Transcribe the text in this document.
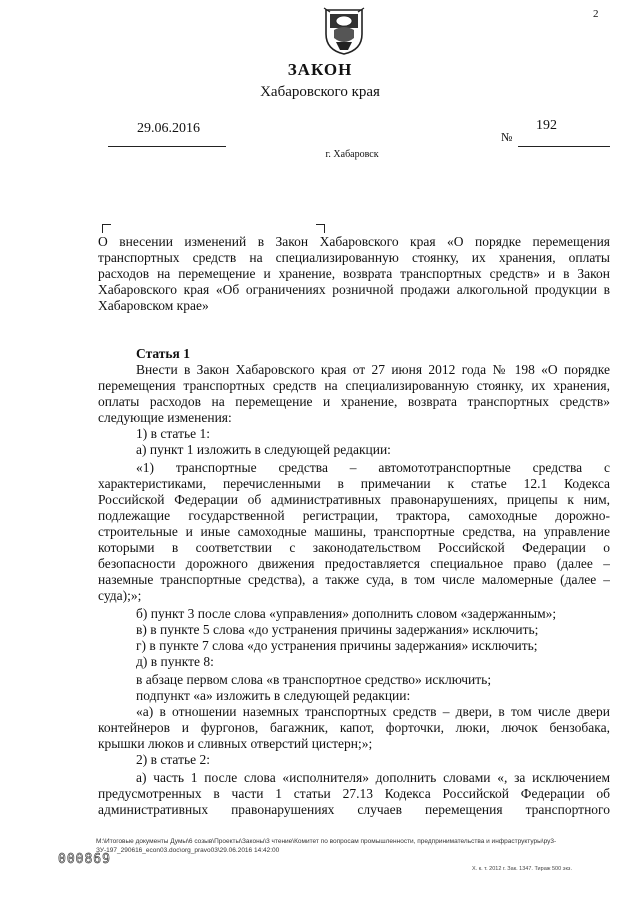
2
ЗАКОН
Хабаровского края
29.06.2016	192
№
г. Хабаровск
О внесении изменений в Закон Хабаровского края «О порядке перемещения
транспортных средств на специализированную стоянку, их хранения, оплаты
расходов на перемещение и хранение, возврата транспортных средств» и в Закон
Хабаровского края «Об ограничениях розничной продажи алкогольной продукции в
Хабаровском крае»
Статья 1
Внести в Закон Хабаровского края от 27 июня 2012 года № 198 «О порядке
перемещения транспортных средств на специализированную стоянку, их хранения,
оплаты расходов на перемещение и хранение, возврата транспортных средств»
следующие изменения:
1) в статье 1:
а) пункт 1 изложить в следующей редакции:
«1) транспортные средства – автомототранспортные средства с
характеристиками, перечисленными в примечании к статье 12.1 Кодекса
Российской Федерации об административных правонарушениях, прицепы к ним,
подлежащие государственной регистрации, трактора, самоходные дорожно-
строительные и иные самоходные машины, транспортные средства, на управление
которыми в соответствии с законодательством Российской Федерации о
безопасности дорожного движения предоставляется специальное право (далее –
наземные транспортные средства), а также суда, в том числе маломерные (далее –
суда);»;
б) пункт 3 после слова «управления» дополнить словом «задержанным»;
в) в пункте 5 слова «до устранения причины задержания» исключить;
г) в пункте 7 слова «до устранения причины задержания» исключить;
д) в пункте 8:
в абзаце первом слова «в транспортное средство» исключить;
подпункт «а» изложить в следующей редакции:
«а) в отношении наземных транспортных средств – двери, в том числе двери
контейнеров и фургонов, багажник, капот, форточки, люки, лючок бензобака,
крышки люков и сливных отверстий цистерн;»;
2) в статье 2:
а) часть 1 после слова «исполнителя» дополнить словами «, за исключением
предусмотренных в части 1 статьи 27.13 Кодекса Российской Федерации об
административных правонарушениях случаев перемещения транспортного
М:\Итоговые документы Думы\6 созыв\Проекты\Законы\3 чтение\Комитет по вопросам промышленности, предпринимательства и инфраструктуры\ру3-
ЗУ-197_290616_econ03.doc\org_pravo03\29.06.2016 14:42:00
000869
Х. к. т. 2012 г. Зак. 1347. Тираж 500 экз.
